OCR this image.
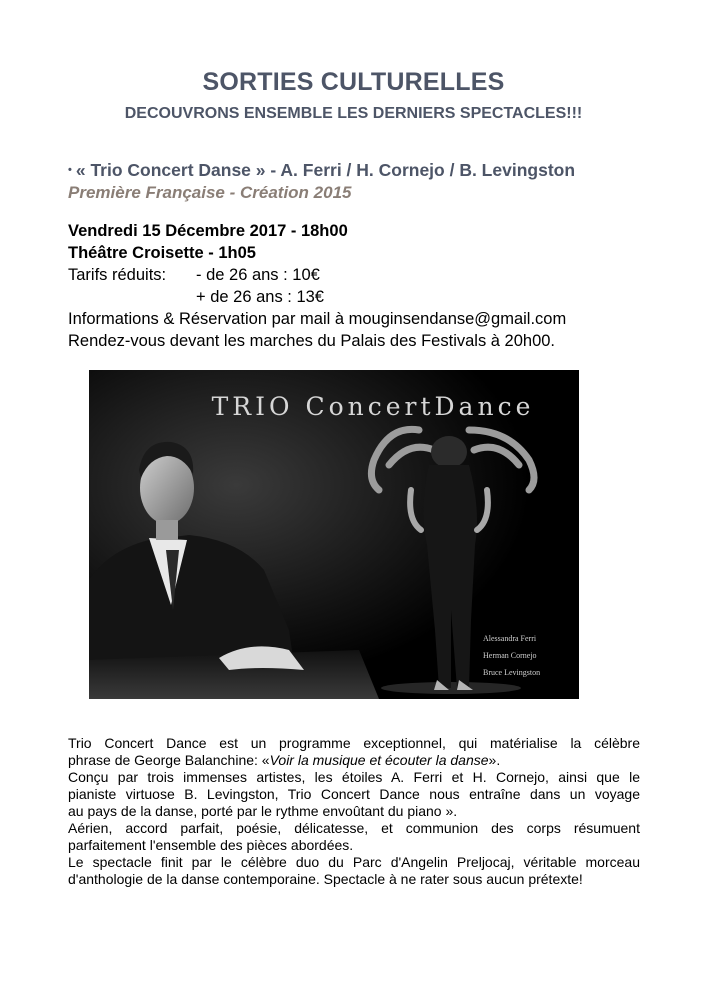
SORTIES CULTURELLES
DECOUVRONS ENSEMBLE LES DERNIERS SPECTACLES!!!
• « Trio Concert Danse » - A. Ferri / H. Cornejo / B. Levingston
Première Française - Création 2015
Vendredi 15 Décembre 2017 - 18h00
Théâtre Croisette - 1h05
Tarifs réduits: - de 26 ans : 10€
+ de 26 ans : 13€
Informations & Réservation par mail à mouginsendanse@gmail.com
Rendez-vous devant les marches du Palais des Festivals à 20h00.
TRIO ConcertDance
Alessandra Ferri
Herman Cornejo
Bruce Levingston

Trio Concert Dance est un programme exceptionnel, qui matérialise la célèbre

phrase de George Balanchine: «Voir la musique et écouter la danse».

Conçu par trois immenses artistes, les étoiles A. Ferri et H. Cornejo, ainsi que le

pianiste virtuose B. Levingston, Trio Concert Dance nous entraîne dans un voyage

au pays de la danse, porté par le rythme envoûtant du piano ».

Aérien, accord parfait, poésie, délicatesse, et communion des corps résumuent

parfaitement l'ensemble des pièces abordées.

Le spectacle finit par le célèbre duo du Parc d'Angelin Preljocaj, véritable morceau

d'anthologie de la danse contemporaine. Spectacle à ne rater sous aucun prétexte!
